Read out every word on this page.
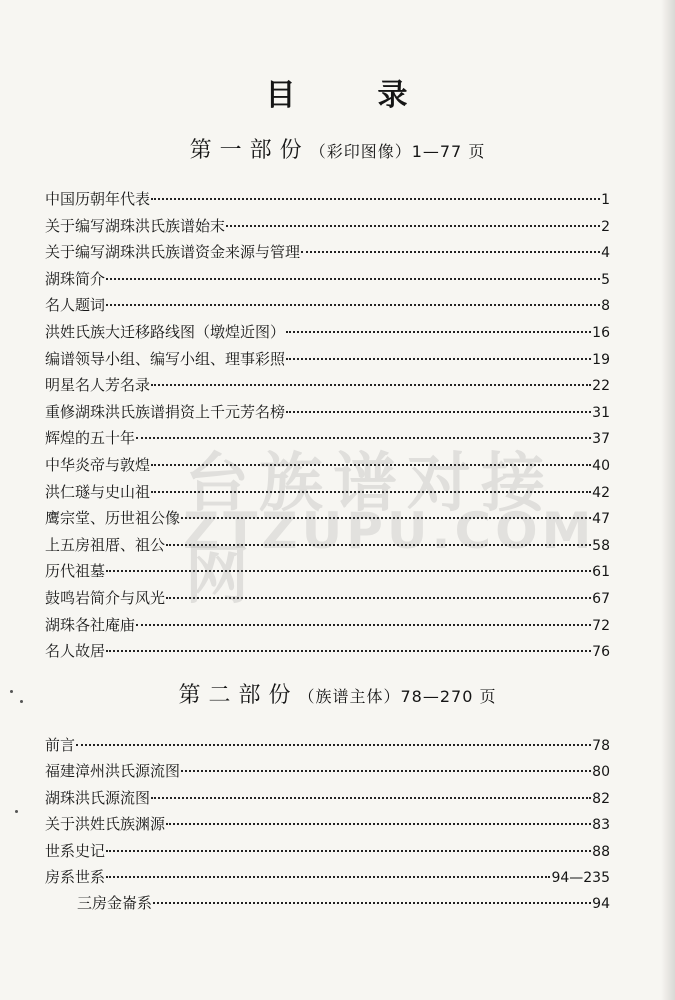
目	录
第一部份（彩印图像）1—77 页
中国历朝年代表	1
关于编写湖珠洪氏族谱始末	2
关于编写湖珠洪氏族谱资金来源与管理	4
湖珠简介	5
名人题词	8
洪姓氏族大迁移路线图（墩煌近图）	16
编谱领导小组、编写小组、理事彩照	19
明星名人芳名录	22
重修湖珠洪氏族谱捐资上千元芳名榜	31
辉煌的五十年	37
中华炎帝与敦煌	40
洪仁璲与史山祖	42
鹰宗堂、历世祖公像	47
上五房祖厝、祖公	58
历代祖墓	61
鼓鸣岩简介与风光	67
湖珠各社庵庙	72
名人故居	76
第二部份（族谱主体）78—270 页
前言	78
福建漳州洪氏源流图	80
湖珠洪氏源流图	82
关于洪姓氏族渊源	83
世系史记	88
房系世系	94—235
三房金崙系	94
台族谱对接网
ZTZUPU.COM
